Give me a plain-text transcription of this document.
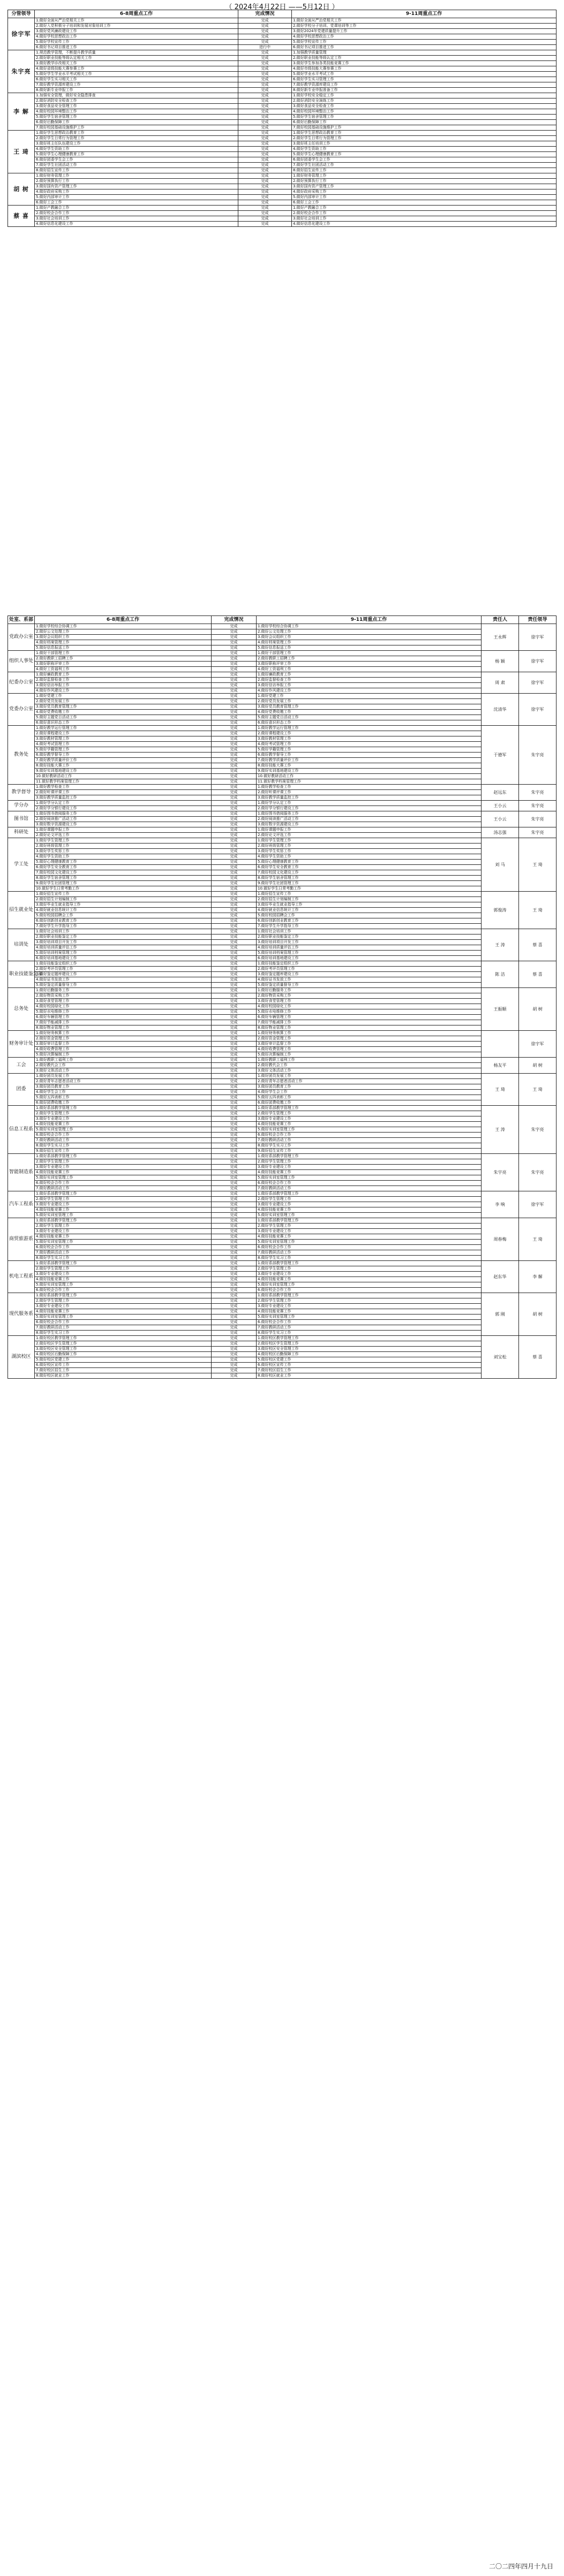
（ 2024年4月22日 ——5月12日 ）
分管领导	6-8周重点工作	完成情况	9-11周重点工作
徐宇军	1.做好全面从严治党相关工作	完成	1.做好全面从严治党相关工作
	2.做好入党积极分子培训和发展对象培训工作	完成	2.做好学校分子培训、党课培训等工作
	3.做好党风廉政建设工作	完成	3.做好2024年党建质量提升工作
	4.做好学校思想政治工作	完成	4.做好学校思想政治工作
	5.做好学校宣传工作	完成	5.做好学校宣传工作
	6.做好书记项目推进工作	进行中	6.做好书记项目推进工作
朱宇亮	1.规范教学管理，不断提升教学质量	完成	1.加强教学质量管理
	2.做好职业技能等级认定相关工作	完成	2.做好职业技能等级认定工作
	3.做好教学诊改相关工作	完成	3.做好学生参加各类技能竞赛工作
	4.做好省级技能大赛参赛工作	完成	4.做好市级技能大赛参赛工作
	5.做好学生学业水平考试相关工作	完成	5.做好学业水平考试工作
	6.做好学生实习相关工作	完成	6.做好学生实习管理工作
	7.做好教学资源库建设工作	完成	7.做好教学资源库建设工作
	8.做好新专业申报工作	完成	8.做好新专业申报准备工作
李 解	1.加强安全管理，做好安全隐患排查	完成	1.做好学校安全稳定工作
	2.做好消防安全检查工作	完成	2.做好消防安全演练工作
	3.做好食品安全管理工作	完成	3.做好食品安全检查工作
	4.做好校园环境整治工作	完成	4.做好校园环境整治工作
	5.做好学生宿舍管理工作	完成	5.做好学生宿舍管理工作
	6.做好后勤保障工作	完成	6.做好后勤保障工作
	7.做好校园基础设施维护工作	完成	7.做好校园基础设施维护工作
王 琦	1.做好学生思想政治教育工作	完成	1.做好学生思想政治教育工作
	2.做好学生日常行为管理工作	完成	2.做好学生日常行为管理工作
	3.做好班主任队伍建设工作	完成	3.做好班主任培训工作
	4.做好学生资助工作	完成	4.做好学生资助工作
	5.做好学生心理健康教育工作	完成	5.做好学生心理健康教育工作
	6.做好团委学生会工作	完成	6.做好团委学生会工作
	7.做好学生社团活动工作	完成	7.做好学生社团活动工作
	8.做好招生宣传工作	完成	8.做好招生宣传工作
胡 树	1.做好财务管理工作	完成	1.做好财务管理工作
	2.做好预算执行工作	完成	2.做好预算执行工作
	3.做好国有资产管理工作	完成	3.做好国有资产管理工作
	4.做好政府采购工作	完成	4.做好政府采购工作
	5.做好内部审计工作	完成	5.做好内部审计工作
	6.做好工会工作	完成	6.做好工会工作
蔡 喜	1.做好产教融合工作	完成	1.做好产教融合工作
	2.做好校企合作工作	完成	2.做好校企合作工作
	3.做好社会培训工作	完成	3.做好社会培训工作
	4.做好信息化建设工作	完成	4.做好信息化建设工作
处室、系部	6-8周重点工作	完成情况	9-11周重点工作	责任人	责任领导
党政办公室	1.做好学校综合协调工作	完成	1.做好学校综合协调工作	王永辉	徐宇军
	2.做好公文处理工作	完成	2.做好公文处理工作		
	3.做好会议组织工作	完成	3.做好会议组织工作		
	4.做好档案管理工作	完成	4.做好档案管理工作		
	5.做好信息报送工作	完成	5.做好信息报送工作		
组织人事处	1.做好干部管理工作	完成	1.做好干部管理工作	杨 颖	徐宇军
	2.做好教职工招聘工作	完成	2.做好教职工招聘工作		
	3.做好职称评审工作	完成	3.做好职称评审工作		
	4.做好工资福利工作	完成	4.做好工资福利工作		
纪委办公室	1.做好廉政教育工作	完成	1.做好廉政教育工作	周 肃	徐宇军
	2.做好监督检查工作	完成	2.做好监督检查工作		
	3.做好信访举报工作	完成	3.做好信访举报工作		
	4.做好作风建设工作	完成	4.做好作风建设工作		
党委办公室	1.做好党建工作	完成	1.做好党建工作	沈清华	徐宇军
	2.做好党员发展工作	完成	2.做好党员发展工作		
	3.做好党员教育管理工作	完成	3.做好党员教育管理工作		
	4.做好党费收缴工作	完成	4.做好党费收缴工作		
	5.做好主题党日活动工作	完成	5.做好主题党日活动工作		
	6.做好意识形态工作	完成	6.做好意识形态工作		
教务处	1.做好教学运行管理工作	完成	1.做好教学运行管理工作	于德军	朱宇亮
	2.做好课程建设工作	完成	2.做好课程建设工作		
	3.做好教材管理工作	完成	3.做好教材管理工作		
	4.做好考试管理工作	完成	4.做好考试管理工作		
	5.做好学籍管理工作	完成	5.做好学籍管理工作		
	6.做好教学督导工作	完成	6.做好教学督导工作		
	7.做好教学质量评价工作	完成	7.做好教学质量评价工作		
	8.做好技能大赛工作	完成	8.做好技能大赛工作		
	9.做好实训基地建设工作	完成	9.做好实训基地建设工作		
	10.做好教研活动工作	完成	10.做好教研活动工作		
	11.做好教学档案管理工作	完成	11.做好教学档案管理工作		
教学督导	1.做好教学检查工作	完成	1.做好教学检查工作	赵远东	朱宇亮
	2.做好听课评课工作	完成	2.做好听课评课工作		
	3.做好教学质量监控工作	完成	3.做好教学质量监控工作		
学分办	1.做好学分认定工作	完成	1.做好学分认定工作	王小云	朱宇亮
	2.做好学分银行建设工作	完成	2.做好学分银行建设工作		
图书馆	1.做好图书借阅服务工作	完成	1.做好图书借阅服务工作	王小云	朱宇亮
	2.做好阅读推广活动工作	完成	2.做好阅读推广活动工作		
	3.做好数字资源建设工作	完成	3.做好数字资源建设工作		
科研处	1.做好课题申报工作	完成	1.做好课题申报工作	汤志强	朱宇亮
	2.做好论文评选工作	完成	2.做好论文评选工作		
学工处	1.做好学生管理工作	完成	1.做好学生管理工作	刘 马	王 琦
	2.做好班级管理工作	完成	2.做好班级管理工作		
	3.做好学生奖惩工作	完成	3.做好学生奖惩工作		
	4.做好学生资助工作	完成	4.做好学生资助工作		
	5.做好心理健康教育工作	完成	5.做好心理健康教育工作		
	6.做好学生安全教育工作	完成	6.做好学生安全教育工作		
	7.做好校园文化建设工作	完成	7.做好校园文化建设工作		
	8.做好学生宿舍管理工作	完成	8.做好学生宿舍管理工作		
	9.做好学生社团管理工作	完成	9.做好学生社团管理工作		
	10.做好学生日常考勤工作	完成	10.做好学生日常考勤工作		
招生就业处	1.做好招生宣传工作	完成	1.做好招生宣传工作	郭俊涛	王 琦
	2.做好招生计划编制工作	完成	2.做好招生计划编制工作		
	3.做好毕业生就业指导工作	完成	3.做好毕业生就业指导工作		
	4.做好就业信息统计工作	完成	4.做好就业信息统计工作		
	5.做好校园招聘会工作	完成	5.做好校园招聘会工作		
	6.做好创新创业教育工作	完成	6.做好创新创业教育工作		
	7.做好学生升学指导工作	完成	7.做好学生升学指导工作		
培训处	1.做好社会培训工作	完成	1.做好社会培训工作	王 涛	蔡 喜
	2.做好职业技能鉴定工作	完成	2.做好职业技能鉴定工作		
	3.做好培训项目开发工作	完成	3.做好培训项目开发工作		
	4.做好培训质量评估工作	完成	4.做好培训质量评估工作		
	5.做好培训档案管理工作	完成	5.做好培训档案管理工作		
	6.做好培训基地建设工作	完成	6.做好培训基地建设工作		
职业技能鉴定部	1.做好技能鉴定组织工作	完成	1.做好技能鉴定组织工作	陈 洁	蔡 喜
	2.做好考评员管理工作	完成	2.做好考评员管理工作		
	3.做好鉴定题库建设工作	完成	3.做好鉴定题库建设工作		
	4.做好证书发放工作	完成	4.做好证书发放工作		
	5.做好鉴定质量督导工作	完成	5.做好鉴定质量督导工作		
总务处	1.做好后勤服务工作	完成	1.做好后勤服务工作	王振顺	胡 树
	2.做好物资采购工作	完成	2.做好物资采购工作		
	3.做好食堂管理工作	完成	3.做好食堂管理工作		
	4.做好校园绿化工作	完成	4.做好校园绿化工作		
	5.做好水电维修工作	完成	5.做好水电维修工作		
	6.做好车辆管理工作	完成	6.做好车辆管理工作		
	7.做好节能减排工作	完成	7.做好节能减排工作		
	8.做好物业管理工作	完成	8.做好物业管理工作		
财务审计处	1.做好财务核算工作	完成	1.做好财务核算工作		徐宇军
	2.做好资金管理工作	完成	2.做好资金管理工作		
	3.做好审计监督工作	完成	3.做好审计监督工作		
	4.做好收费管理工作	完成	4.做好收费管理工作		
	5.做好决算编制工作	完成	5.做好决算编制工作		
工会	1.做好教职工福利工作	完成	1.做好教职工福利工作	杨友平	胡 树
	2.做好教代会工作	完成	2.做好教代会工作		
	3.做好文体活动工作	完成	3.做好文体活动工作		
团委	1.做好团员发展工作	完成	1.做好团员发展工作	王 琦	王 琦
	2.做好青年志愿者活动工作	完成	2.做好青年志愿者活动工作		
	3.做好团员教育工作	完成	3.做好团员教育工作		
	4.做好学生会工作	完成	4.做好学生会工作		
	5.做好五四表彰工作	完成	5.做好五四表彰工作		
	6.做好团费收缴工作	完成	6.做好团费收缴工作		
信息工程系	1.做好系部教学管理工作	完成	1.做好系部教学管理工作	王 涛	朱宇亮
	2.做好学生管理工作	完成	2.做好学生管理工作		
	3.做好专业建设工作	完成	3.做好专业建设工作		
	4.做好技能竞赛工作	完成	4.做好技能竞赛工作		
	5.做好实训室管理工作	完成	5.做好实训室管理工作		
	6.做好校企合作工作	完成	6.做好校企合作工作		
	7.做好教研活动工作	完成	7.做好教研活动工作		
	8.做好学生实习工作	完成	8.做好学生实习工作		
	9.做好招生宣传工作	完成	9.做好招生宣传工作		
智能制造系	1.做好系部教学管理工作	完成	1.做好系部教学管理工作	朱宇亮	朱宇亮
	2.做好学生管理工作	完成	2.做好学生管理工作		
	3.做好专业建设工作	完成	3.做好专业建设工作		
	4.做好技能竞赛工作	完成	4.做好技能竞赛工作		
	5.做好实训室管理工作	完成	5.做好实训室管理工作		
	6.做好校企合作工作	完成	6.做好校企合作工作		
	7.做好教研活动工作	完成	7.做好教研活动工作		
汽车工程系	1.做好系部教学管理工作	完成	1.做好系部教学管理工作	李 响	徐宇军
	2.做好学生管理工作	完成	2.做好学生管理工作		
	3.做好专业建设工作	完成	3.做好专业建设工作		
	4.做好技能竞赛工作	完成	4.做好技能竞赛工作		
	5.做好实训室管理工作	完成	5.做好实训室管理工作		
商贸旅游系	1.做好系部教学管理工作	完成	1.做好系部教学管理工作	周春梅	王 琦
	2.做好学生管理工作	完成	2.做好学生管理工作		
	3.做好专业建设工作	完成	3.做好专业建设工作		
	4.做好技能竞赛工作	完成	4.做好技能竞赛工作		
	5.做好实训室管理工作	完成	5.做好实训室管理工作		
	6.做好校企合作工作	完成	6.做好校企合作工作		
	7.做好教研活动工作	完成	7.做好教研活动工作		
	8.做好学生实习工作	完成	8.做好学生实习工作		
机电工程系	1.做好系部教学管理工作	完成	1.做好系部教学管理工作	赵东华	李 解
	2.做好学生管理工作	完成	2.做好学生管理工作		
	3.做好专业建设工作	完成	3.做好专业建设工作		
	4.做好技能竞赛工作	完成	4.做好技能竞赛工作		
	5.做好实训室管理工作	完成	5.做好实训室管理工作		
	6.做好校企合作工作	完成	6.做好校企合作工作		
现代服务系	1.做好系部教学管理工作	完成	1.做好系部教学管理工作	郭 刚	胡 树
	2.做好学生管理工作	完成	2.做好学生管理工作		
	3.做好专业建设工作	完成	3.做好专业建设工作		
	4.做好技能竞赛工作	完成	4.做好技能竞赛工作		
	5.做好实训室管理工作	完成	5.做好实训室管理工作		
	6.做好校企合作工作	完成	6.做好校企合作工作		
	7.做好教研活动工作	完成	7.做好教研活动工作		
	8.做好学生实习工作	完成	8.做好学生实习工作		
湖滨校区	1.做好校区教学管理工作	完成	1.做好校区教学管理工作	刘宝松	蔡 喜
	2.做好校区学生管理工作	完成	2.做好校区学生管理工作		
	3.做好校区安全管理工作	完成	3.做好校区安全管理工作		
	4.做好校区后勤保障工作	完成	4.做好校区后勤保障工作		
	5.做好校区党建工作	完成	5.做好校区党建工作		
	6.做好校区宣传工作	完成	6.做好校区宣传工作		
	7.做好校区招生工作	完成	7.做好校区招生工作		
	8.做好校区就业工作	完成	8.做好校区就业工作		
二〇二四年四月十九日
